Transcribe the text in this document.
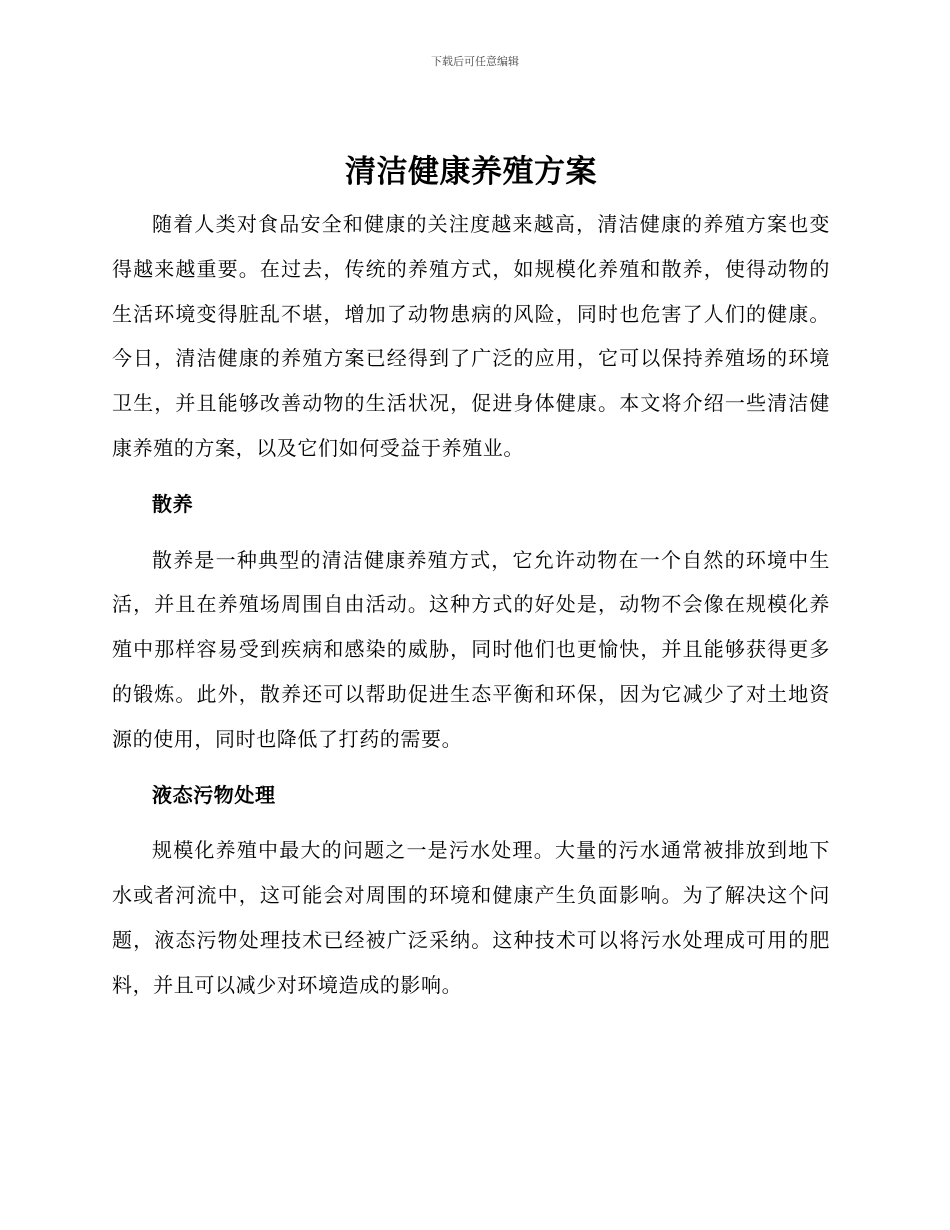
下载后可任意编辑
清洁健康养殖方案

随着人类对食品安全和健康的关注度越来越高，清洁健康的养殖方案也变得越来越重要。在过去，传统的养殖方式，如规模化养殖和散养，使得动物的生活环境变得脏乱不堪，增加了动物患病的风险，同时也危害了人们的健康。今日，清洁健康的养殖方案已经得到了广泛的应用，它可以保持养殖场的环境卫生，并且能够改善动物的生活状况，促进身体健康。本文将介绍一些清洁健康养殖的方案，以及它们如何受益于养殖业。

散养

散养是一种典型的清洁健康养殖方式，它允许动物在一个自然的环境中生活，并且在养殖场周围自由活动。这种方式的好处是，动物不会像在规模化养殖中那样容易受到疾病和感染的威胁，同时他们也更愉快，并且能够获得更多的锻炼。此外，散养还可以帮助促进生态平衡和环保，因为它减少了对土地资源的使用，同时也降低了打药的需要。

液态污物处理

规模化养殖中最大的问题之一是污水处理。大量的污水通常被排放到地下水或者河流中，这可能会对周围的环境和健康产生负面影响。为了解决这个问题，液态污物处理技术已经被广泛采纳。这种技术可以将污水处理成可用的肥料，并且可以减少对环境造成的影响。
